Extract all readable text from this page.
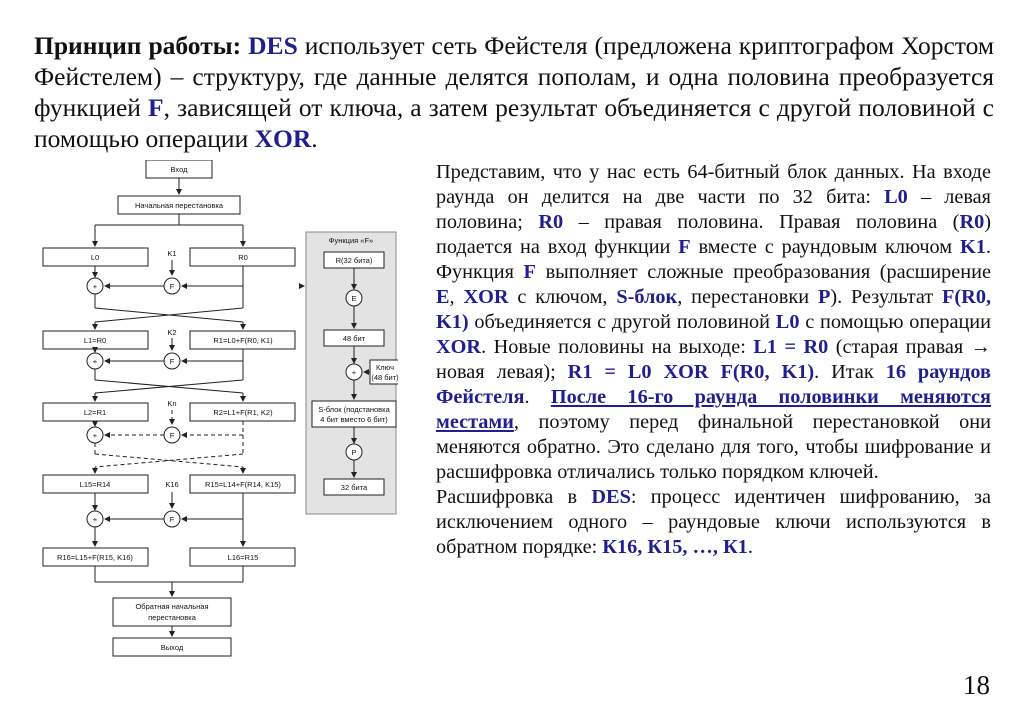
Принцип работы: DES использует сеть Фейстеля (предложена криптографом Хорстом Фейстелем) – структуру, где данные делятся пополам, и одна половина преобразуется функцией F, зависящей от ключа, а затем результат объединяется с другой половиной с помощью операции XOR.
Вход
Начальная перестановка
L0	R0
K1
+	F
L1=R0	R1=L0+F(R0, K1)
K2
+	F
L2=R1	R2=L1+F(R1, K2)
Kn
+	F
L15=R14	R15=L14+F(R14, K15)
K16
+	F
R16=L15+F(R15, K16)	L16=R15
Обратная начальная
перестановка
Выход
Функция «F»
R(32 бита)
E
48 бит
+
Ключ
(48 бит)
S-блок (подстановка
4 бит вместо 6 бит)
P
32 бита
Представим, что у нас есть 64-битный блок данных. На входе раунда он делится на две части по 32 бита: L0 – левая половина; R0 – правая половина. Правая половина (R0) подается на вход функции F вместе с раундовым ключом K1. Функция F выполняет сложные преобразования (расширение E, XOR с ключом, S-блок, перестановки P). Результат F(R0, K1) объединяется с другой половиной L0 с помощью операции XOR. Новые половины на выходе: L1 = R0 (старая правая → новая левая); R1 = L0 XOR F(R0, K1). Итак 16 раундов Фейстеля. После 16-го раунда половинки меняются местами, поэтому перед финальной перестановкой они меняются обратно. Это сделано для того, чтобы шифрование и расшифровка отличались только порядком ключей.
Расшифровка в DES: процесс идентичен шифрованию, за исключением одного – раундовые ключи используются в обратном порядке: К16, К15, …, К1.
18
